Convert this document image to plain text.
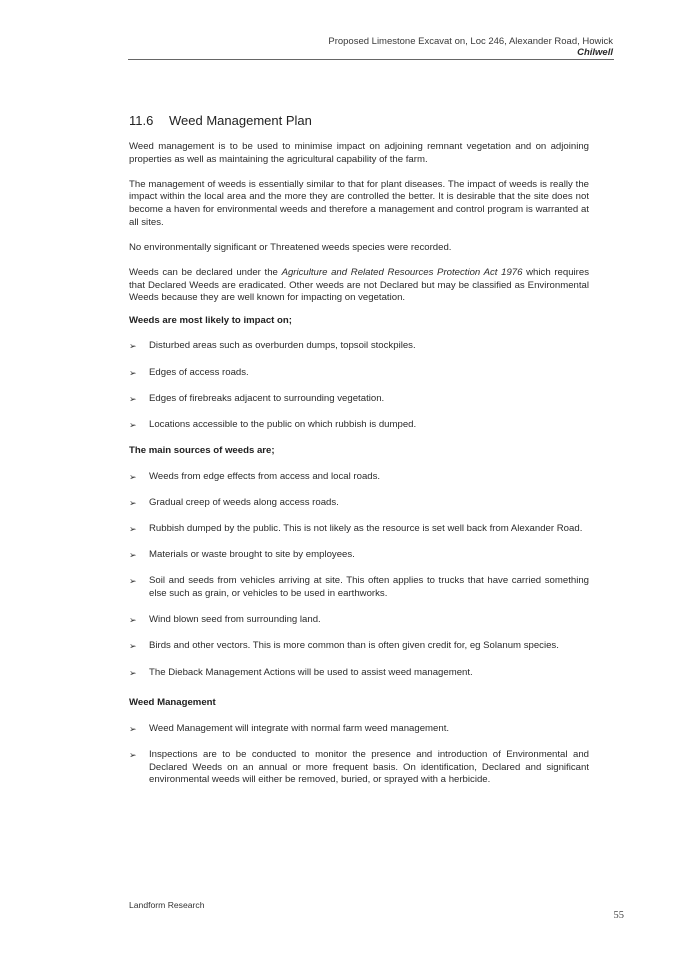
Proposed Limestone Excavat on, Loc 246, Alexander Road, Howick
Chilwell

11.6 Weed Management Plan

Weed management is to be used to minimise impact on adjoining remnant vegetation and on adjoining properties as well as maintaining the agricultural capability of the farm.

The management of weeds is essentially similar to that for plant diseases. The impact of weeds is really the impact within the local area and the more they are controlled the better. It is desirable that the site does not become a haven for environmental weeds and therefore a management and control program is warranted at all sites.

No environmentally significant or Threatened weeds species were recorded.

Weeds can be declared under the Agriculture and Related Resources Protection Act 1976 which requires that Declared Weeds are eradicated. Other weeds are not Declared but may be classified as Environmental Weeds because they are well known for impacting on vegetation.

Weeds are most likely to impact on;

➢	Disturbed areas such as overburden dumps, topsoil stockpiles.
➢	Edges of access roads.
➢	Edges of firebreaks adjacent to surrounding vegetation.
➢	Locations accessible to the public on which rubbish is dumped.

The main sources of weeds are;

➢	Weeds from edge effects from access and local roads.
➢	Gradual creep of weeds along access roads.
➢	Rubbish dumped by the public. This is not likely as the resource is set well back from Alexander Road.
➢	Materials or waste brought to site by employees.
➢	Soil and seeds from vehicles arriving at site. This often applies to trucks that have carried something else such as grain, or vehicles to be used in earthworks.
➢	Wind blown seed from surrounding land.
➢	Birds and other vectors. This is more common than is often given credit for, eg Solanum species.
➢	The Dieback Management Actions will be used to assist weed management.

Weed Management

➢	Weed Management will integrate with normal farm weed management.
➢	Inspections are to be conducted to monitor the presence and introduction of Environmental and Declared Weeds on an annual or more frequent basis. On identification, Declared and significant environmental weeds will either be removed, buried, or sprayed with a herbicide.
Landform Research
55
